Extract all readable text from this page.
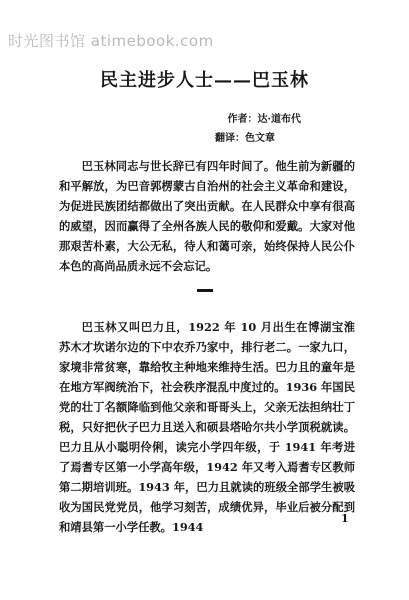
时光图书馆 atimebook.com
民主进步人士——巴玉林
作者：达·道布代
翻译：色文章

巴玉林同志与世长辞已有四年时间了。他生前为新疆的和平解放，为巴音郭楞蒙古自治州的社会主义革命和建设，为促进民族团结都做出了突出贡献。在人民群众中享有很高的威望，因而赢得了全州各族人民的敬仰和爱戴。大家对他那艰苦朴素，大公无私，待人和蔼可亲，始终保持人民公仆本色的高尚品质永远不会忘记。

巴玉林又叫巴力且，1922 年 10 月出生在博湖宝淮苏木才坎诺尔边的下中农乔乃家中，排行老二。一家九口，家境非常贫寒，靠给牧主种地来维持生活。巴力且的童年是在地方军阀统治下，社会秩序混乱中度过的。1936 年国民党的壮丁名额降临到他父亲和哥哥头上，父亲无法担纳壮丁税，只好把伙子巴力且送入和硕县塔哈尔共小学顶税就读。巴力且从小聪明伶俐，读完小学四年级，于 1941 年考进了焉耆专区第一小学高年级，1942 年又考入焉耆专区教师第二期培训班。1943 年，巴力且就读的班级全部学生被吸收为国民党党员，他学习刻苦，成绩优异，毕业后被分配到和靖县第一小学任教。1944

1
